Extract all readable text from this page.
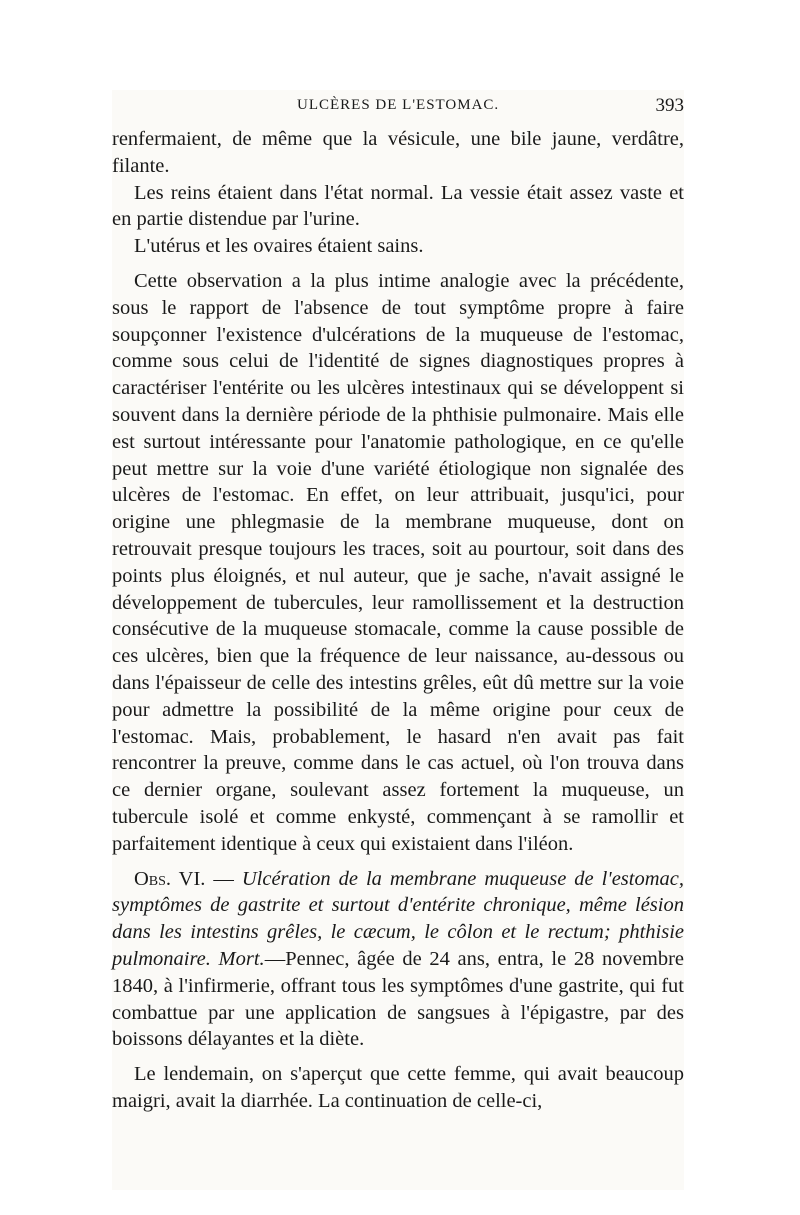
ULCÈRES DE L'ESTOMAC.	393

renfermaient, de même que la vésicule, une bile jaune, verdâtre, filante.

Les reins étaient dans l'état normal. La vessie était assez vaste et en partie distendue par l'urine.

L'utérus et les ovaires étaient sains.

Cette observation a la plus intime analogie avec la précédente, sous le rapport de l'absence de tout symptôme propre à faire soupçonner l'existence d'ulcérations de la muqueuse de l'estomac, comme sous celui de l'identité de signes diagnostiques propres à caractériser l'entérite ou les ulcères intestinaux qui se développent si souvent dans la dernière période de la phthisie pulmonaire. Mais elle est surtout intéressante pour l'anatomie pathologique, en ce qu'elle peut mettre sur la voie d'une variété étiologique non signalée des ulcères de l'estomac. En effet, on leur attribuait, jusqu'ici, pour origine une phlegmasie de la membrane muqueuse, dont on retrouvait presque toujours les traces, soit au pourtour, soit dans des points plus éloignés, et nul auteur, que je sache, n'avait assigné le développement de tubercules, leur ramollissement et la destruction consécutive de la muqueuse stomacale, comme la cause possible de ces ulcères, bien que la fréquence de leur naissance, au-dessous ou dans l'épaisseur de celle des intestins grêles, eût dû mettre sur la voie pour admettre la possibilité de la même origine pour ceux de l'estomac. Mais, probablement, le hasard n'en avait pas fait rencontrer la preuve, comme dans le cas actuel, où l'on trouva dans ce dernier organe, soulevant assez fortement la muqueuse, un tubercule isolé et comme enkysté, commençant à se ramollir et parfaitement identique à ceux qui existaient dans l'iléon.

Obs. VI. — Ulcération de la membrane muqueuse de l'estomac, symptômes de gastrite et surtout d'entérite chronique, même lésion dans les intestins grêles, le cæcum, le côlon et le rectum; phthisie pulmonaire. Mort.—Pennec, âgée de 24 ans, entra, le 28 novembre 1840, à l'infirmerie, offrant tous les symptômes d'une gastrite, qui fut combattue par une application de sangsues à l'épigastre, par des boissons délayantes et la diète.

Le lendemain, on s'aperçut que cette femme, qui avait beaucoup maigri, avait la diarrhée. La continuation de celle-ci,
